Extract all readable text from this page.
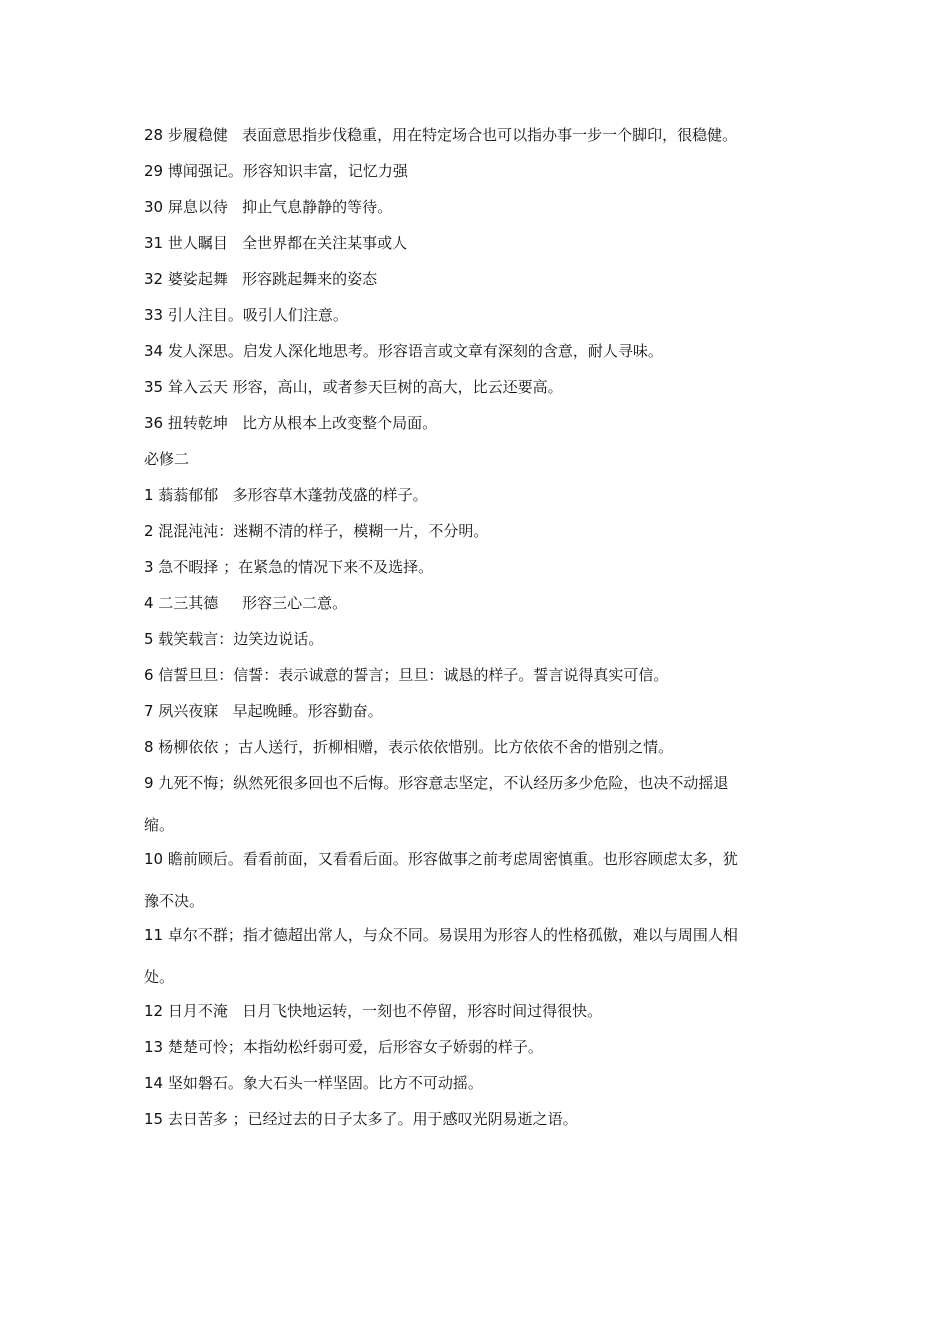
28 步履稳健   表面意思指步伐稳重，用在特定场合也可以指办事一步一个脚印，很稳健。
29 博闻强记。形容知识丰富，记忆力强
30 屏息以待   抑止气息静静的等待。
31 世人瞩目   全世界都在关注某事或人
32 婆娑起舞   形容跳起舞来的姿态
33 引人注目。吸引人们注意。
34 发人深思。启发人深化地思考。形容语言或文章有深刻的含意，耐人寻味。
35 耸入云天 形容，高山，或者参天巨树的高大，比云还要高。
36 扭转乾坤   比方从根本上改变整个局面。
必修二
1 蓊蓊郁郁   多形容草木蓬勃茂盛的样子。
2 混混沌沌：迷糊不清的样子，模糊一片，不分明。
3 急不暇择 ；在紧急的情况下来不及选择。
4 二三其德     形容三心二意。
5 载笑载言：边笑边说话。
6 信誓旦旦：信誓：表示诚意的誓言；旦旦：诚恳的样子。誓言说得真实可信。
7 夙兴夜寐   早起晚睡。形容勤奋。
8 杨柳依依 ；古人送行，折柳相赠，表示依依惜别。比方依依不舍的惜别之情。
9 九死不悔；纵然死很多回也不后悔。形容意志坚定，不认经历多少危险，也决不动摇退
缩。
10 瞻前顾后。看看前面，又看看后面。形容做事之前考虑周密慎重。也形容顾虑太多，犹
豫不决。
11 卓尔不群；指才德超出常人，与众不同。易误用为形容人的性格孤傲，难以与周围人相
处。
12 日月不淹   日月飞快地运转，一刻也不停留，形容时间过得很快。
13 楚楚可怜；本指幼松纤弱可爱，后形容女子娇弱的样子。
14 坚如磐石。象大石头一样坚固。比方不可动摇。
15 去日苦多 ；已经过去的日子太多了。用于感叹光阴易逝之语。
